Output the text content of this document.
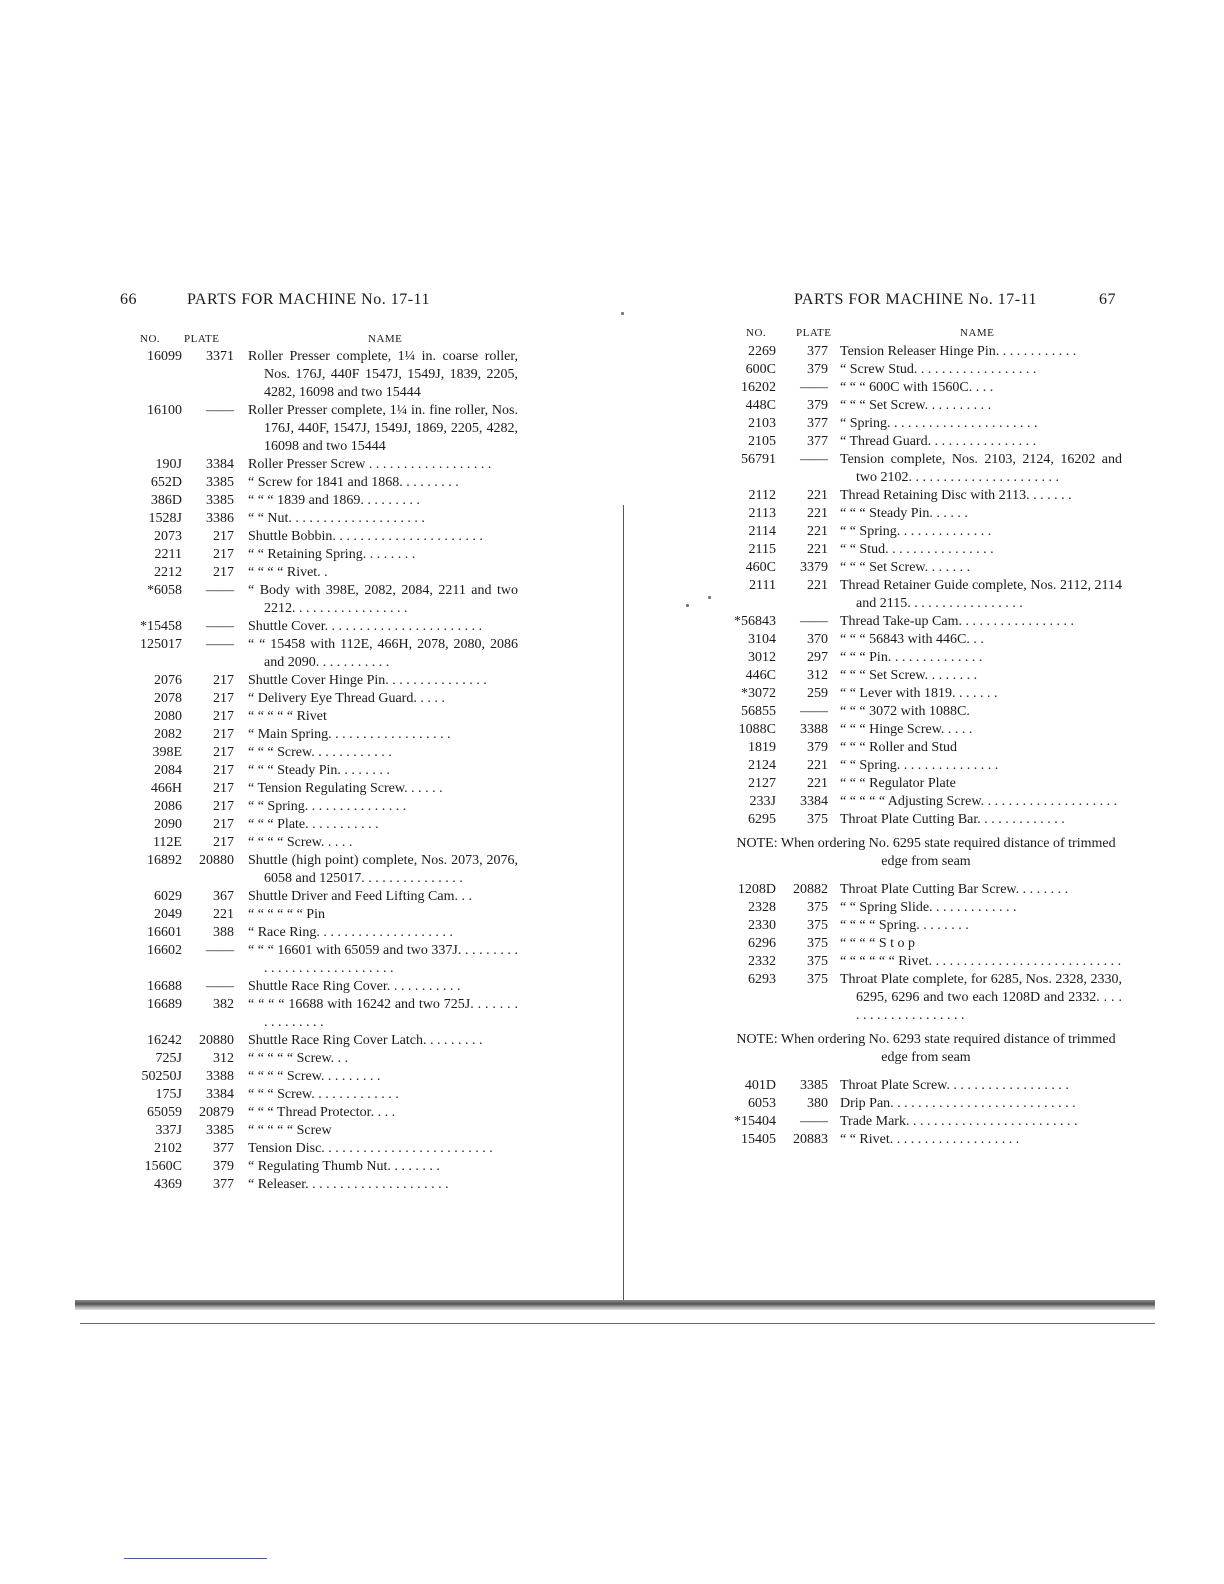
66	PARTS FOR MACHINE No. 17-11
NO. PLATE	NAME
16099	3371 Roller Presser complete, 1¼ in. coarse roller, Nos. 176J, 440F 1547J, 1549J, 1839, 2205, 4282, 16098 and two 15444
16100	—— Roller Presser complete, 1¼ in. fine roller, Nos. 176J, 440F, 1547J, 1549J, 1869, 2205, 4282, 16098 and two 15444
190J	3384 Roller Presser Screw . . . . . . . . . . . . . . . . . .
652D	3385 “ Screw for 1841 and 1868. . . . . . . . .
386D	3385 “ “ “ 1839 and 1869. . . . . . . . .
1528J	3386 “ “ Nut. . . . . . . . . . . . . . . . . . . .
2073	217 Shuttle Bobbin. . . . . . . . . . . . . . . . . . . . . .
2211	217 “ “ Retaining Spring. . . . . . . .
2212	217 “ “ “ “ Rivet. .
*6058	—— “ Body with 398E, 2082, 2084, 2211 and two 2212. . . . . . . . . . . . . . . . .
*15458	—— Shuttle Cover. . . . . . . . . . . . . . . . . . . . . . .
125017	—— “ “ 15458 with 112E, 466H, 2078, 2080, 2086 and 2090. . . . . . . . . . .
2076	217 Shuttle Cover Hinge Pin. . . . . . . . . . . . . . .
2078	217 “ Delivery Eye Thread Guard. . . . .
2080	217 “ “ “ “ “ Rivet
2082	217 “ Main Spring. . . . . . . . . . . . . . . . . .
398E	217 “ “ “ Screw. . . . . . . . . . . .
2084	217 “ “ “ Steady Pin. . . . . . . .
466H	217 “ Tension Regulating Screw. . . . . .
2086	217 “ “ Spring. . . . . . . . . . . . . . .
2090	217 “ “ “ Plate. . . . . . . . . . .
112E	217 “ “ “ “ Screw. . . . .
16892	20880 Shuttle (high point) complete, Nos. 2073, 2076, 6058 and 125017. . . . . . . . . . . . . . .
6029	367 Shuttle Driver and Feed Lifting Cam. . .
2049	221 “ “ “ “ “ “ Pin
16601	388 “ Race Ring. . . . . . . . . . . . . . . . . . . .
16602	—— “ “ “ 16601 with 65059 and two 337J. . . . . . . . . . . . . . . . . . . . . . . . . . . .
16688	—— Shuttle Race Ring Cover. . . . . . . . . . .
16689	382 “ “ “ “ 16688 with 16242 and two 725J. . . . . . . . . . . . . . . .
16242	20880 Shuttle Race Ring Cover Latch. . . . . . . . .
725J	312 “ “ “ “ “ Screw. . .
50250J	3388 “ “ “ “ Screw. . . . . . . . .
175J	3384 “ “ “ Screw. . . . . . . . . . . . .
65059	20879 “ “ “ Thread Protector. . . .
337J	3385 “ “ “ “ “ Screw
2102	377 Tension Disc. . . . . . . . . . . . . . . . . . . . . . . . .
1560C	379 “ Regulating Thumb Nut. . . . . . . .
4369	377 “ Releaser. . . . . . . . . . . . . . . . . . . . .
PARTS FOR MACHINE No. 17-11	67
NO.	PLATE	NAME
2269	377 Tension Releaser Hinge Pin. . . . . . . . . . . .
600C	379 “ Screw Stud. . . . . . . . . . . . . . . . . .
16202	—— “ “ “ 600C with 1560C. . . .
448C	379 “ “ “ Set Screw. . . . . . . . . .
2103	377 “ Spring. . . . . . . . . . . . . . . . . . . . . .
2105	377 “ Thread Guard. . . . . . . . . . . . . . . .
56791	—— Tension complete, Nos. 2103, 2124, 16202 and two 2102. . . . . . . . . . . . . . . . . . . . . .
2112	221 Thread Retaining Disc with 2113. . . . . . .
2113	221 “ “ “ Steady Pin. . . . . .
2114	221 “ “ Spring. . . . . . . . . . . . . .
2115	221 “ “ Stud. . . . . . . . . . . . . . . .
460C	3379 “ “ “ Set Screw. . . . . . .
2111	221 Thread Retainer Guide complete, Nos. 2112, 2114 and 2115. . . . . . . . . . . . . . . . .
*56843	—— Thread Take-up Cam. . . . . . . . . . . . . . . . .
3104	370 “ “ “ 56843 with 446C. . .
3012	297 “ “ “ Pin. . . . . . . . . . . . . .
446C	312 “ “ “ Set Screw. . . . . . . .
*3072	259 “ “ Lever with 1819. . . . . . .
56855	—— “ “ “ 3072 with 1088C.
1088C	3388 “ “ “ Hinge Screw. . . . .
1819	379 “ “ “ Roller and Stud
2124	221 “ “ Spring. . . . . . . . . . . . . . .
2127	221 “ “ “ Regulator Plate
233J	3384 “ “ “ “ “ Adjusting Screw. . . . . . . . . . . . . . . . . . . .
6295	375 Throat Plate Cutting Bar. . . . . . . . . . . . .
NOTE: When ordering No. 6295 state required distance of trimmed edge from seam
1208D	20882 Throat Plate Cutting Bar Screw. . . . . . . .
2328	375 “ “ Spring Slide. . . . . . . . . . . . .
2330	375 “ “ “ “ Spring. . . . . . . .
6296	375 “ “ “ “ S t o p
2332	375 “ “ “ “ “ “ Rivet. . . . . . . . . . . . . . . . . . . . . . . . . . . .
6293	375 Throat Plate complete, for 6285, Nos. 2328, 2330, 6295, 6296 and two each 1208D and 2332. . . . . . . . . . . . . . . . . . . .
NOTE: When ordering No. 6293 state required distance of trimmed edge from seam
401D	3385 Throat Plate Screw. . . . . . . . . . . . . . . . . .
6053	380 Drip Pan. . . . . . . . . . . . . . . . . . . . . . . . . . .
*15404	—— Trade Mark. . . . . . . . . . . . . . . . . . . . . . . . .
15405	20883 “ “ Rivet. . . . . . . . . . . . . . . . . . .
